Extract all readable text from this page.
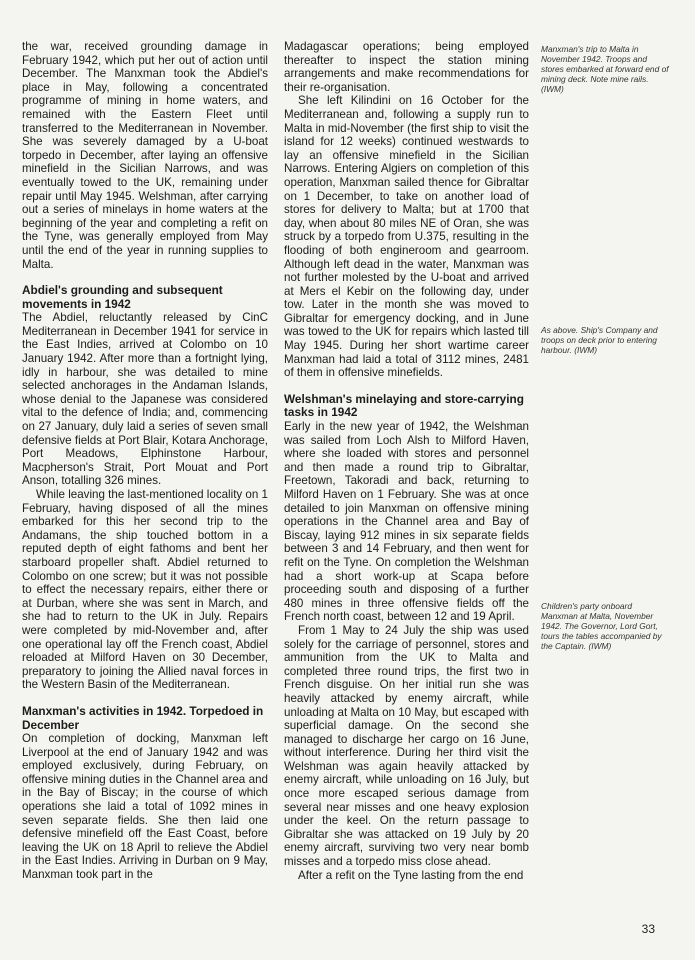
the war, received grounding damage in February 1942, which put her out of action until December. The Manxman took the Abdiel's place in May, following a concentrated programme of mining in home waters, and remained with the Eastern Fleet until transferred to the Mediterranean in November. She was severely damaged by a U-boat torpedo in December, after laying an offensive minefield in the Sicilian Narrows, and was eventually towed to the UK, remaining under repair until May 1945. Welshman, after carrying out a series of minelays in home waters at the beginning of the year and completing a refit on the Tyne, was generally employed from May until the end of the year in running supplies to Malta.

Abdiel's grounding and subsequent movements in 1942

The Abdiel, reluctantly released by CinC Mediterranean in December 1941 for service in the East Indies, arrived at Colombo on 10 January 1942. After more than a fortnight lying, idly in harbour, she was detailed to mine selected anchorages in the Andaman Islands, whose denial to the Japanese was considered vital to the defence of India; and, commencing on 27 January, duly laid a series of seven small defensive fields at Port Blair, Kotara Anchorage, Port Meadows, Elphinstone Harbour, Macpherson's Strait, Port Mouat and Port Anson, totalling 326 mines.

While leaving the last-mentioned locality on 1 February, having disposed of all the mines embarked for this her second trip to the Andamans, the ship touched bottom in a reputed depth of eight fathoms and bent her starboard propeller shaft. Abdiel returned to Colombo on one screw; but it was not possible to effect the necessary repairs, either there or at Durban, where she was sent in March, and she had to return to the UK in July. Repairs were completed by mid-November and, after one operational lay off the French coast, Abdiel reloaded at Milford Haven on 30 December, preparatory to joining the Allied naval forces in the Western Basin of the Mediterranean.

Manxman's activities in 1942. Torpedoed in December

On completion of docking, Manxman left Liverpool at the end of January 1942 and was employed exclusively, during February, on offensive mining duties in the Channel area and in the Bay of Biscay; in the course of which operations she laid a total of 1092 mines in seven separate fields. She then laid one defensive minefield off the East Coast, before leaving the UK on 18 April to relieve the Abdiel in the East Indies. Arriving in Durban on 9 May, Manxman took part in the

Madagascar operations; being employed thereafter to inspect the station mining arrangements and make recommendations for their re-organisation.

She left Kilindini on 16 October for the Mediterranean and, following a supply run to Malta in mid-November (the first ship to visit the island for 12 weeks) continued westwards to lay an offensive minefield in the Sicilian Narrows. Entering Algiers on completion of this operation, Manxman sailed thence for Gibraltar on 1 December, to take on another load of stores for delivery to Malta; but at 1700 that day, when about 80 miles NE of Oran, she was struck by a torpedo from U.375, resulting in the flooding of both engineroom and gearroom. Although left dead in the water, Manxman was not further molested by the U-boat and arrived at Mers el Kebir on the following day, under tow. Later in the month she was moved to Gibraltar for emergency docking, and in June was towed to the UK for repairs which lasted till May 1945. During her short wartime career Manxman had laid a total of 3112 mines, 2481 of them in offensive minefields.

Welshman's minelaying and store-carrying tasks in 1942

Early in the new year of 1942, the Welshman was sailed from Loch Alsh to Milford Haven, where she loaded with stores and personnel and then made a round trip to Gibraltar, Freetown, Takoradi and back, returning to Milford Haven on 1 February. She was at once detailed to join Manxman on offensive mining operations in the Channel area and Bay of Biscay, laying 912 mines in six separate fields between 3 and 14 February, and then went for refit on the Tyne. On completion the Welshman had a short work-up at Scapa before proceeding south and disposing of a further 480 mines in three offensive fields off the French north coast, between 12 and 19 April.

From 1 May to 24 July the ship was used solely for the carriage of personnel, stores and ammunition from the UK to Malta and completed three round trips, the first two in French disguise. On her initial run she was heavily attacked by enemy aircraft, while unloading at Malta on 10 May, but escaped with superficial damage. On the second she managed to discharge her cargo on 16 June, without interference. During her third visit the Welshman was again heavily attacked by enemy aircraft, while unloading on 16 July, but once more escaped serious damage from several near misses and one heavy explosion under the keel. On the return passage to Gibraltar she was attacked on 19 July by 20 enemy aircraft, surviving two very near bomb misses and a torpedo miss close ahead.

After a refit on the Tyne lasting from the end

Manxman's trip to Malta in November 1942. Troops and stores embarked at forward end of mining deck. Note mine rails. (IWM)
As above. Ship's Company and troops on deck prior to entering harbour. (IWM)
Children's party onboard Manxman at Malta, November 1942. The Governor, Lord Gort, tours the tables accompanied by the Captain. (IWM)
33
